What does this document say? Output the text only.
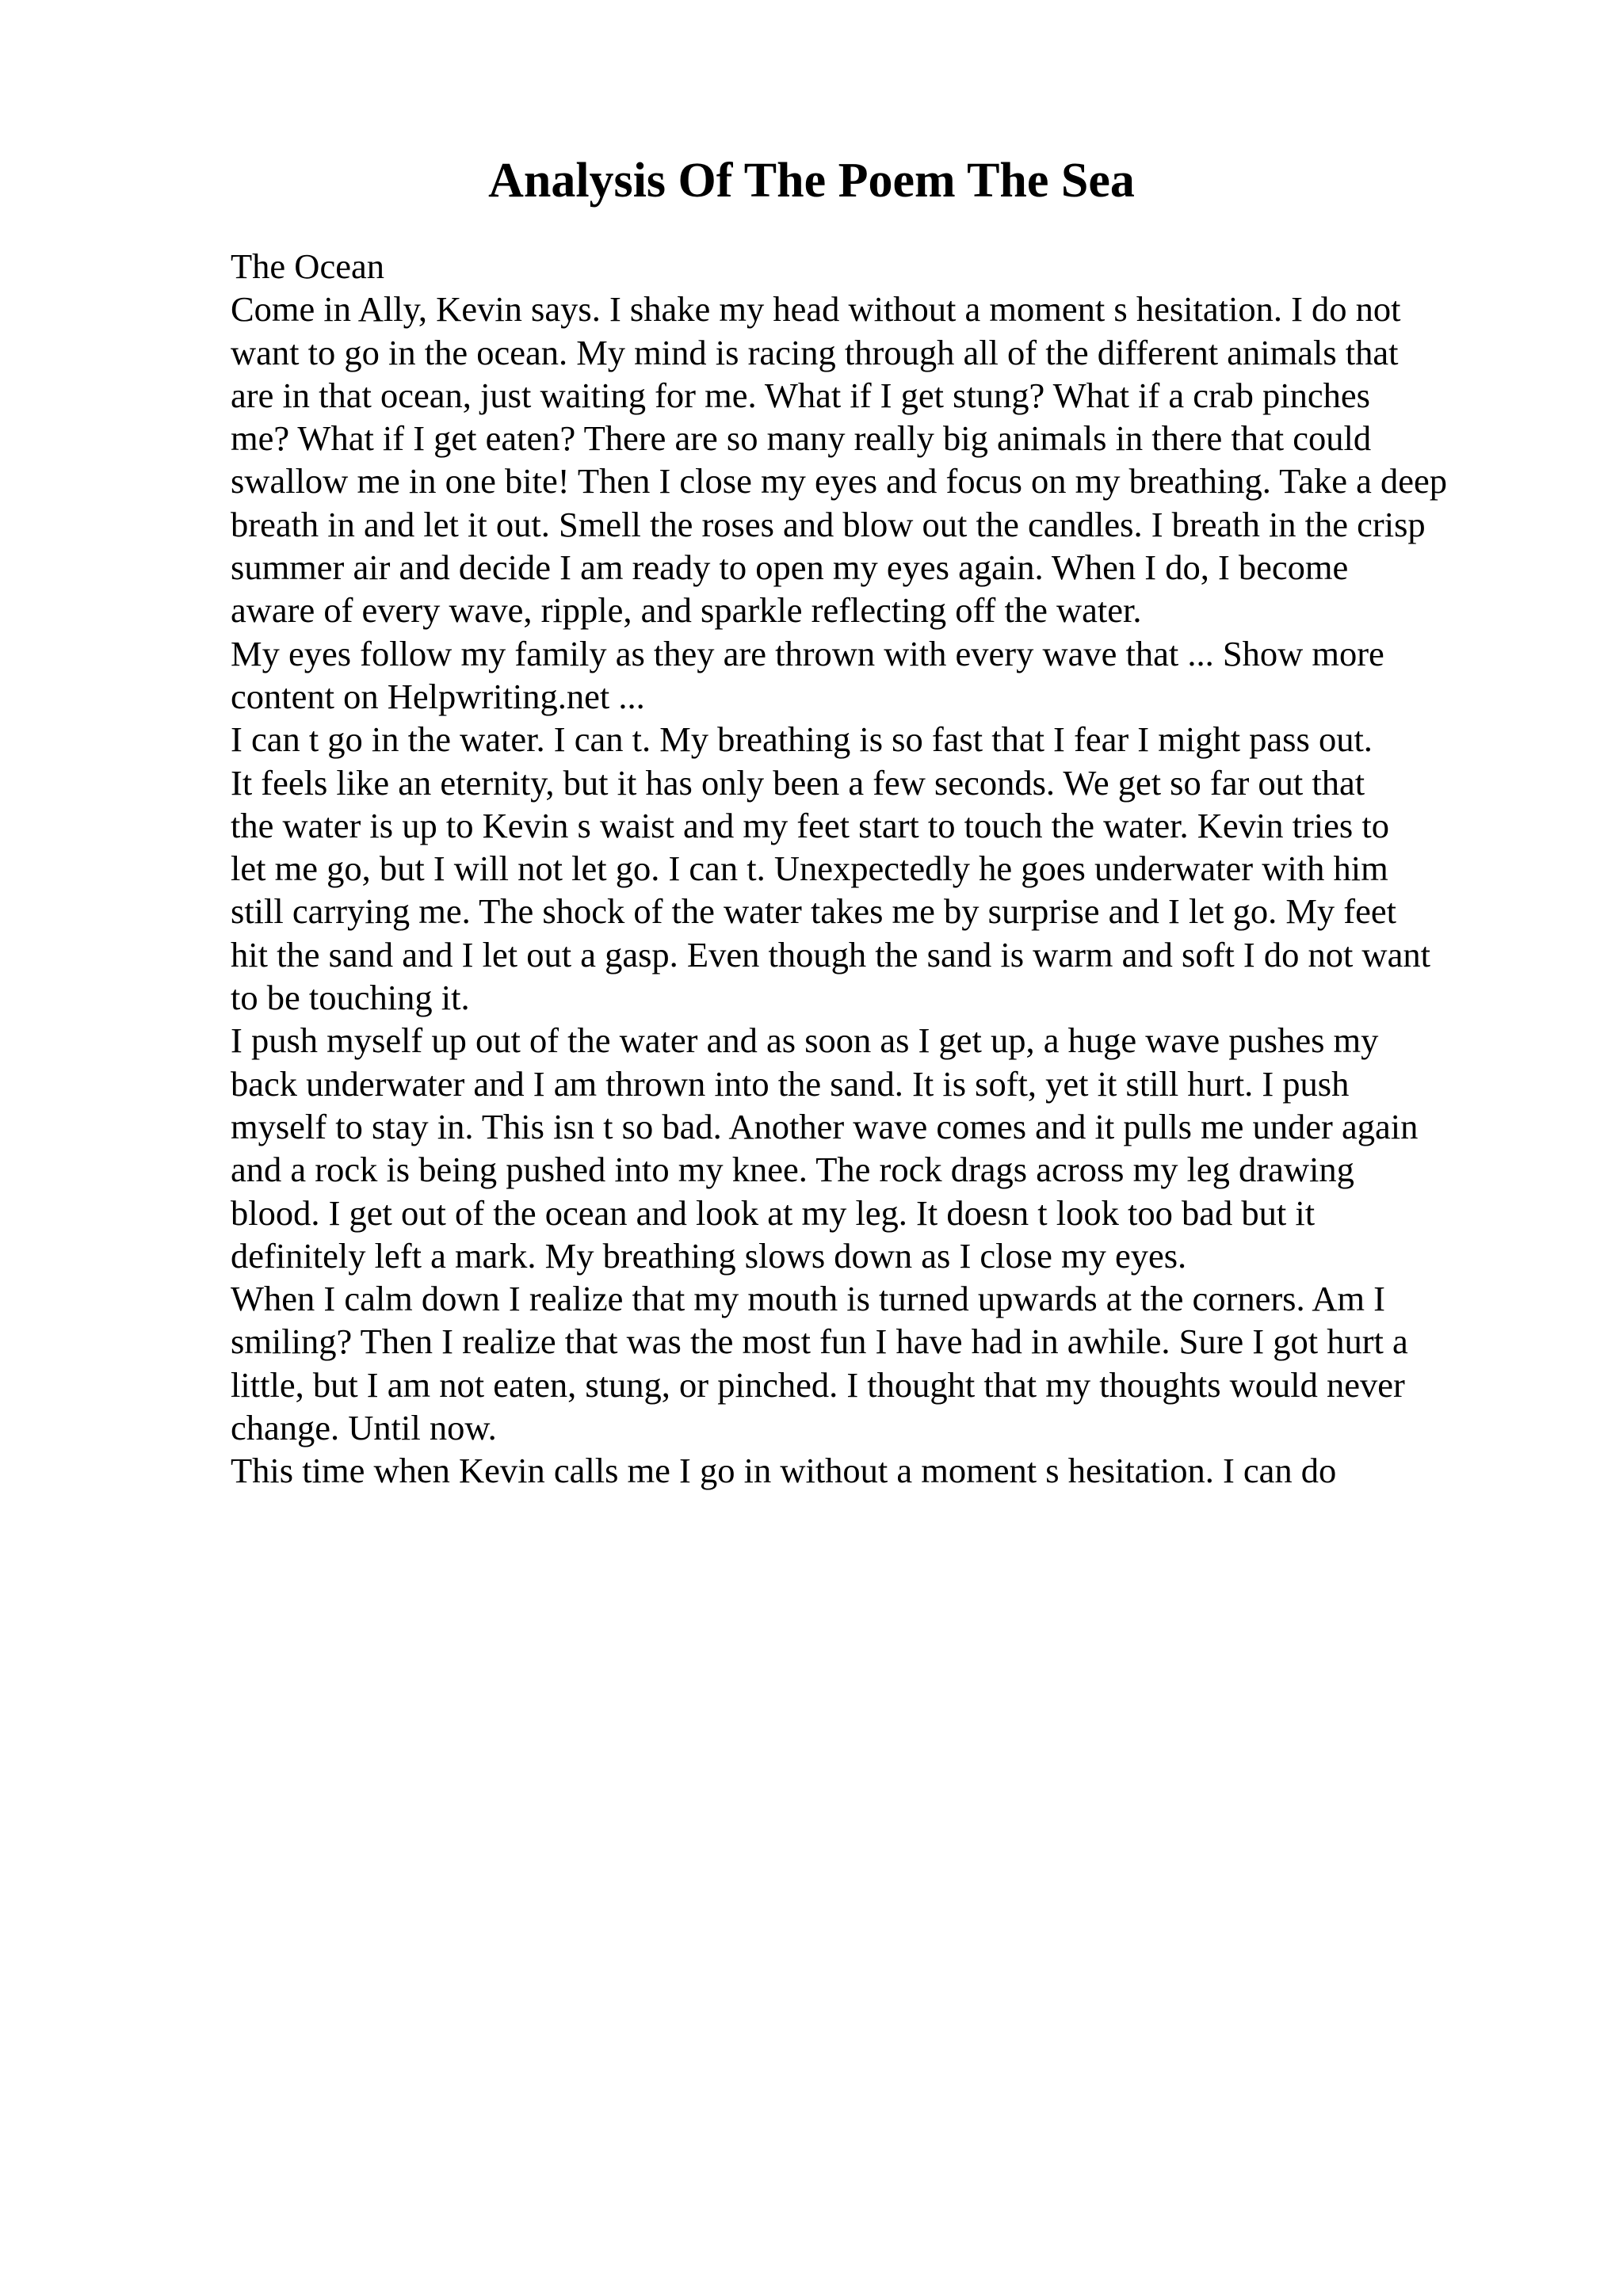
Analysis Of The Poem The Sea
The Ocean
Come in Ally, Kevin says. I shake my head without a moment s hesitation. I do not
want to go in the ocean. My mind is racing through all of the different animals that
are in that ocean, just waiting for me. What if I get stung? What if a crab pinches
me? What if I get eaten? There are so many really big animals in there that could
swallow me in one bite! Then I close my eyes and focus on my breathing. Take a deep
breath in and let it out. Smell the roses and blow out the candles. I breath in the crisp
summer air and decide I am ready to open my eyes again. When I do, I become
aware of every wave, ripple, and sparkle reflecting off the water.
My eyes follow my family as they are thrown with every wave that ... Show more
content on Helpwriting.net ...
I can t go in the water. I can t. My breathing is so fast that I fear I might pass out.
It feels like an eternity, but it has only been a few seconds. We get so far out that
the water is up to Kevin s waist and my feet start to touch the water. Kevin tries to
let me go, but I will not let go. I can t. Unexpectedly he goes underwater with him
still carrying me. The shock of the water takes me by surprise and I let go. My feet
hit the sand and I let out a gasp. Even though the sand is warm and soft I do not want
to be touching it.
I push myself up out of the water and as soon as I get up, a huge wave pushes my
back underwater and I am thrown into the sand. It is soft, yet it still hurt. I push
myself to stay in. This isn t so bad. Another wave comes and it pulls me under again
and a rock is being pushed into my knee. The rock drags across my leg drawing
blood. I get out of the ocean and look at my leg. It doesn t look too bad but it
definitely left a mark. My breathing slows down as I close my eyes.
When I calm down I realize that my mouth is turned upwards at the corners. Am I
smiling? Then I realize that was the most fun I have had in awhile. Sure I got hurt a
little, but I am not eaten, stung, or pinched. I thought that my thoughts would never
change. Until now.
This time when Kevin calls me I go in without a moment s hesitation. I can do
